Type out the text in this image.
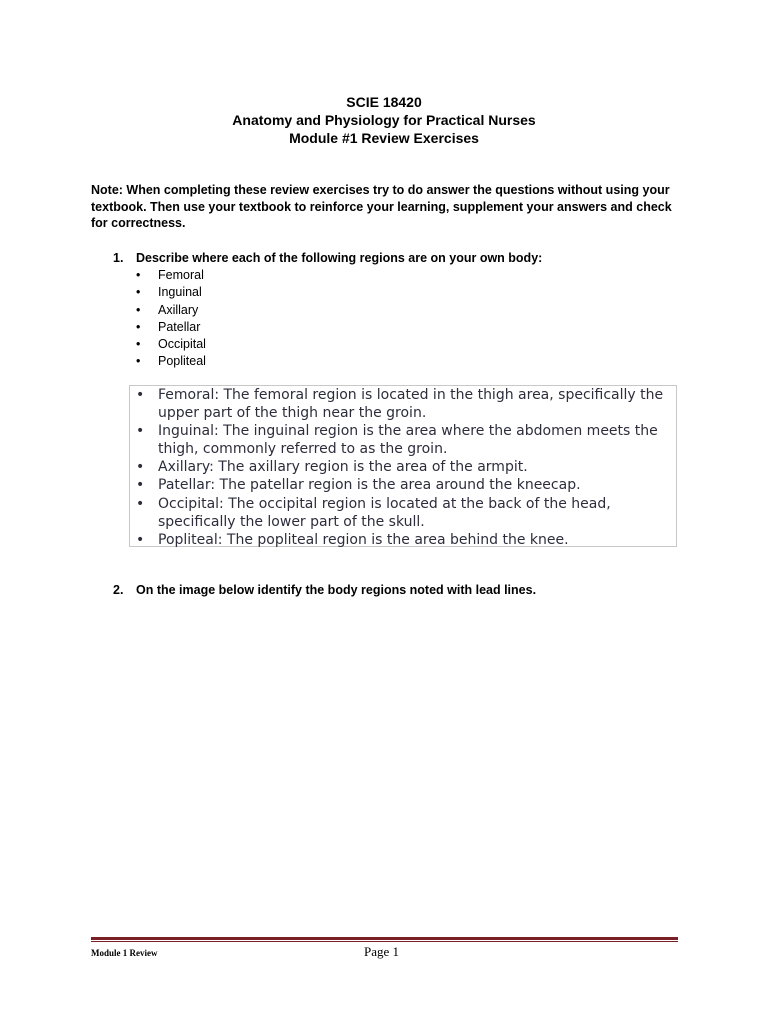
SCIE 18420
Anatomy and Physiology for Practical Nurses
Module #1 Review Exercises
Note: When completing these review exercises try to do answer the questions without using your textbook. Then use your textbook to reinforce your learning, supplement your answers and check for correctness.
1. Describe where each of the following regions are on your own body:
• Femoral
• Inguinal
• Axillary
• Patellar
• Occipital
• Popliteal
• Femoral: The femoral region is located in the thigh area, specifically the upper part of the thigh near the groin.
• Inguinal: The inguinal region is the area where the abdomen meets the thigh, commonly referred to as the groin.
• Axillary: The axillary region is the area of the armpit.
• Patellar: The patellar region is the area around the kneecap.
• Occipital: The occipital region is located at the back of the head, specifically the lower part of the skull.
• Popliteal: The popliteal region is the area behind the knee.
2. On the image below identify the body regions noted with lead lines.
Module 1 Review	Page 1
